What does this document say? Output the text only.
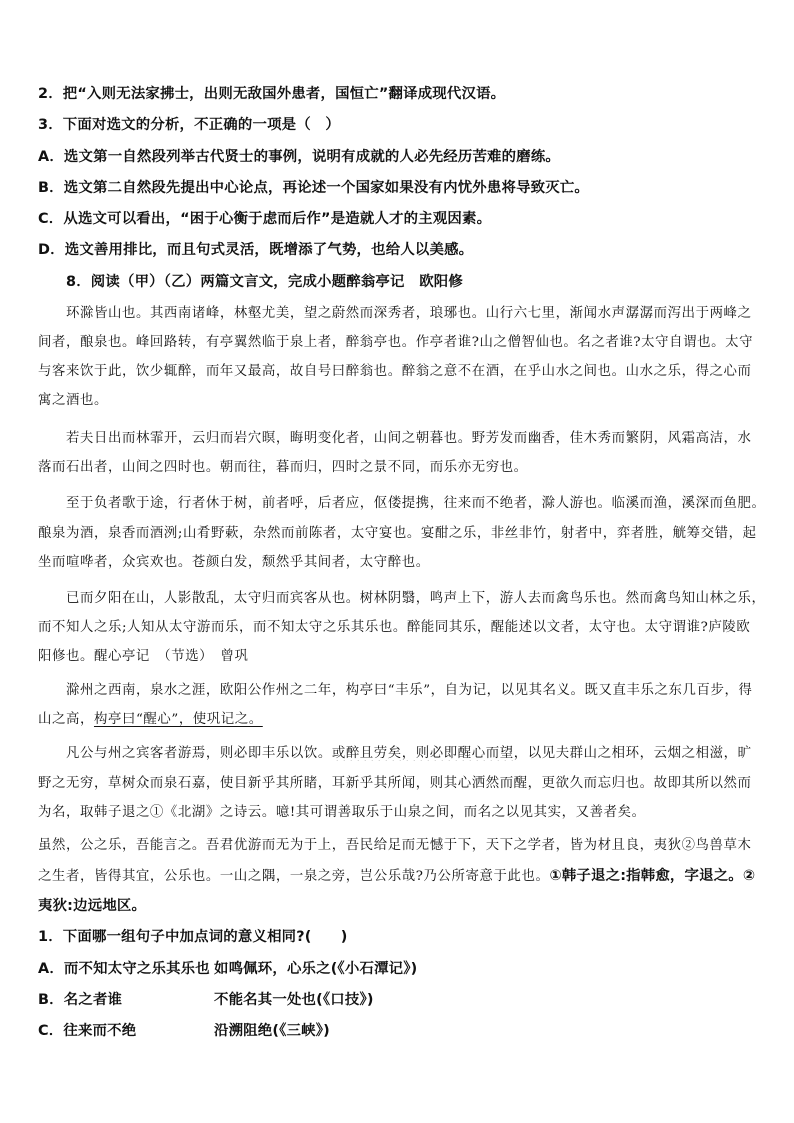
2．把“入则无法家拂士，出则无敌国外患者，国恒亡”翻译成现代汉语。
3．下面对选文的分析，不正确的一项是（　）
A．选文第一自然段列举古代贤士的事例，说明有成就的人必先经历苦难的磨练。
B．选文第二自然段先提出中心论点，再论述一个国家如果没有内忧外患将导致灭亡。
C．从选文可以看出，“困于心衡于虑而后作”是造就人才的主观因素。
D．选文善用排比，而且句式灵活，既增添了气势，也给人以美感。
8．阅读（甲）（乙）两篇文言文，完成小题醉翁亭记　欧阳修
环滁皆山也。其西南诸峰，林壑尤美，望之蔚然而深秀者，琅琊也。山行六七里，渐闻水声潺潺而泻出于两峰之
间者，酿泉也。峰回路转，有亭翼然临于泉上者，醉翁亭也。作亭者谁?山之僧智仙也。名之者谁?太守自谓也。太守
与客来饮于此，饮少辄醉，而年又最高，故自号曰醉翁也。醉翁之意不在酒，在乎山水之间也。山水之乐，得之心而
寓之酒也。
若夫日出而林霏开，云归而岩穴暝，晦明变化者，山间之朝暮也。野芳发而幽香，佳木秀而繁阴，风霜高洁，水
落而石出者，山间之四时也。朝而往，暮而归，四时之景不同，而乐亦无穷也。
至于负者歌于途，行者休于树，前者呼，后者应，伛偻提携，往来而不绝者，滁人游也。临溪而渔，溪深而鱼肥。
酿泉为酒，泉香而酒洌;山肴野蔌，杂然而前陈者，太守宴也。宴酣之乐，非丝非竹，射者中，弈者胜，觥筹交错，起
坐而喧哗者，众宾欢也。苍颜白发，颓然乎其间者，太守醉也。
已而夕阳在山，人影散乱，太守归而宾客从也。树林阴翳，鸣声上下，游人去而禽鸟乐也。然而禽鸟知山林之乐，
而不知人之乐;人知从太守游而乐，而不知太守之乐其乐也。醉能同其乐，醒能述以文者，太守也。太守谓谁?庐陵欧
阳修也。醒心亭记　（节选）　曾巩
滁州之西南，泉水之涯，欧阳公作州之二年，构亭曰“丰乐”，自为记，以见其名义。既又直丰乐之东几百步，得
山之高，构亭曰“醒心”，使巩记之。
凡公与州之宾客者游焉，则必即丰乐以饮。或醉且劳矣，则必即醒心而望，以见夫群山之相环，云烟之相滋，旷
野之无穷，草树众而泉石嘉，使目新乎其所睹，耳新乎其所闻，则其心洒然而醒，更欲久而忘归也。故即其所以然而
为名，取韩子退之①《北湖》之诗云。噫!其可谓善取乐于山泉之间，而名之以见其实，又善者矣。
虽然，公之乐，吾能言之。吾君优游而无为于上，吾民给足而无憾于下，天下之学者，皆为材且良，夷狄②鸟兽草木
之生者，皆得其宜，公乐也。一山之隅，一泉之旁，岂公乐哉?乃公所寄意于此也。①韩子退之:指韩愈，字退之。②
夷狄:边远地区。
1．下面哪一组句子中加点词的意义相同?(　　)
A．而不知太守之乐其乐也 如鸣佩环，心乐之(《小石潭记》)
B．名之者谁	不能名其一处也(《口技》)
C．往来而不绝	沿溯阻绝(《三峡》)
